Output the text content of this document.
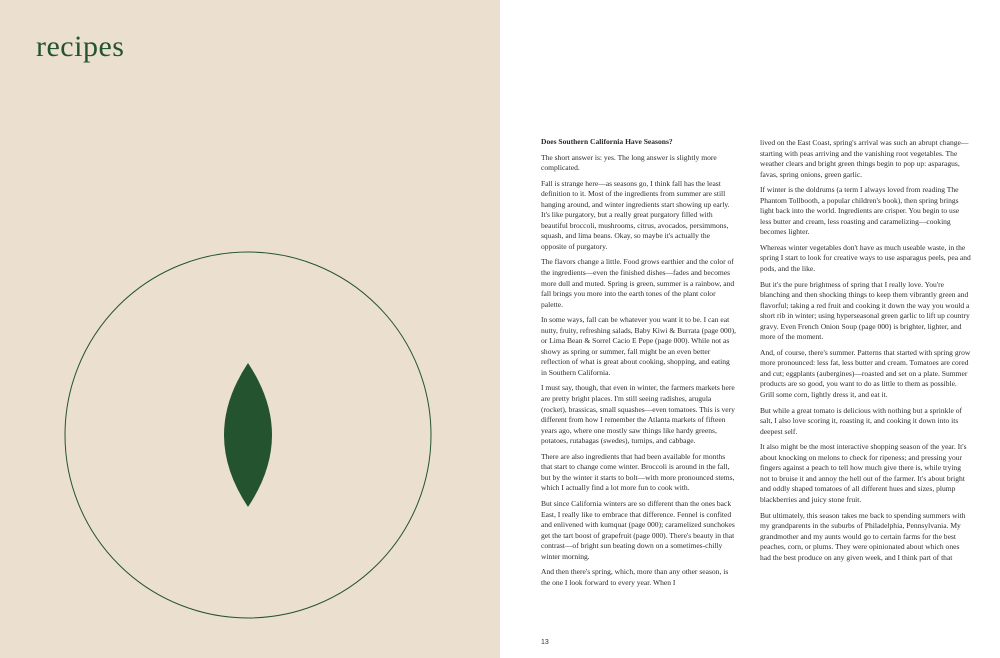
recipes

Does Southern California Have Seasons?

The short answer is: yes. The long answer is slightly more complicated.

Fall is strange here—as seasons go, I think fall has the least definition to it. Most of the ingredients from summer are still hanging around, and winter ingredients start showing up early. It's like purgatory, but a really great purgatory filled with beautiful broccoli, mushrooms, citrus, avocados, persimmons, squash, and lima beans. Okay, so maybe it's actually the opposite of purgatory.

The flavors change a little. Food grows earthier and the color of the ingredients—even the finished dishes—fades and becomes more dull and muted. Spring is green, summer is a rainbow, and fall brings you more into the earth tones of the plant color palette.

In some ways, fall can be whatever you want it to be. I can eat nutty, fruity, refreshing salads, Baby Kiwi & Burrata (page 000), or Lima Bean & Sorrel Cacio E Pepe (page 000). While not as showy as spring or summer, fall might be an even better reflection of what is great about cooking, shopping, and eating in Southern California.

I must say, though, that even in winter, the farmers markets here are pretty bright places. I'm still seeing radishes, arugula (rocket), brassicas, small squashes—even tomatoes. This is very different from how I remember the Atlanta markets of fifteen years ago, where one mostly saw things like hardy greens, potatoes, rutabagas (swedes), turnips, and cabbage.

There are also ingredients that had been available for months that start to change come winter. Broccoli is around in the fall, but by the winter it starts to bolt—with more pronounced stems, which I actually find a lot more fun to cook with.

But since California winters are so different than the ones back East, I really like to embrace that difference. Fennel is confited and enlivened with kumquat (page 000); caramelized sunchokes get the tart boost of grapefruit (page 000). There's beauty in that contrast—of bright sun beating down on a sometimes-chilly winter morning.

And then there's spring, which, more than any other season, is the one I look forward to every year. When I

lived on the East Coast, spring's arrival was such an abrupt change—starting with peas arriving and the vanishing root vegetables. The weather clears and bright green things begin to pop up: asparagus, favas, spring onions, green garlic.

If winter is the doldrums (a term I always loved from reading The Phantom Tollbooth, a popular children's book), then spring brings light back into the world. Ingredients are crisper. You begin to use less butter and cream, less roasting and caramelizing—cooking becomes lighter.

Whereas winter vegetables don't have as much useable waste, in the spring I start to look for creative ways to use asparagus peels, pea and pods, and the like.

But it's the pure brightness of spring that I really love. You're blanching and then shocking things to keep them vibrantly green and flavorful; taking a red fruit and cooking it down the way you would a short rib in winter; using hyperseasonal green garlic to lift up country gravy. Even French Onion Soup (page 000) is brighter, lighter, and more of the moment.

And, of course, there's summer. Patterns that started with spring grow more pronounced: less fat, less butter and cream. Tomatoes are cored and cut; eggplants (aubergines)—roasted and set on a plate. Summer products are so good, you want to do as little to them as possible. Grill some corn, lightly dress it, and eat it.

But while a great tomato is delicious with nothing but a sprinkle of salt, I also love scoring it, roasting it, and cooking it down into its deepest self.

It also might be the most interactive shopping season of the year. It's about knocking on melons to check for ripeness; and pressing your fingers against a peach to tell how much give there is, while trying not to bruise it and annoy the hell out of the farmer. It's about bright and oddly shaped tomatoes of all different hues and sizes, plump blackberries and juicy stone fruit.

But ultimately, this season takes me back to spending summers with my grandparents in the suburbs of Philadelphia, Pennsylvania. My grandmother and my aunts would go to certain farms for the best peaches, corn, or plums. They were opinionated about which ones had the best produce on any given week, and I think part of that

13
